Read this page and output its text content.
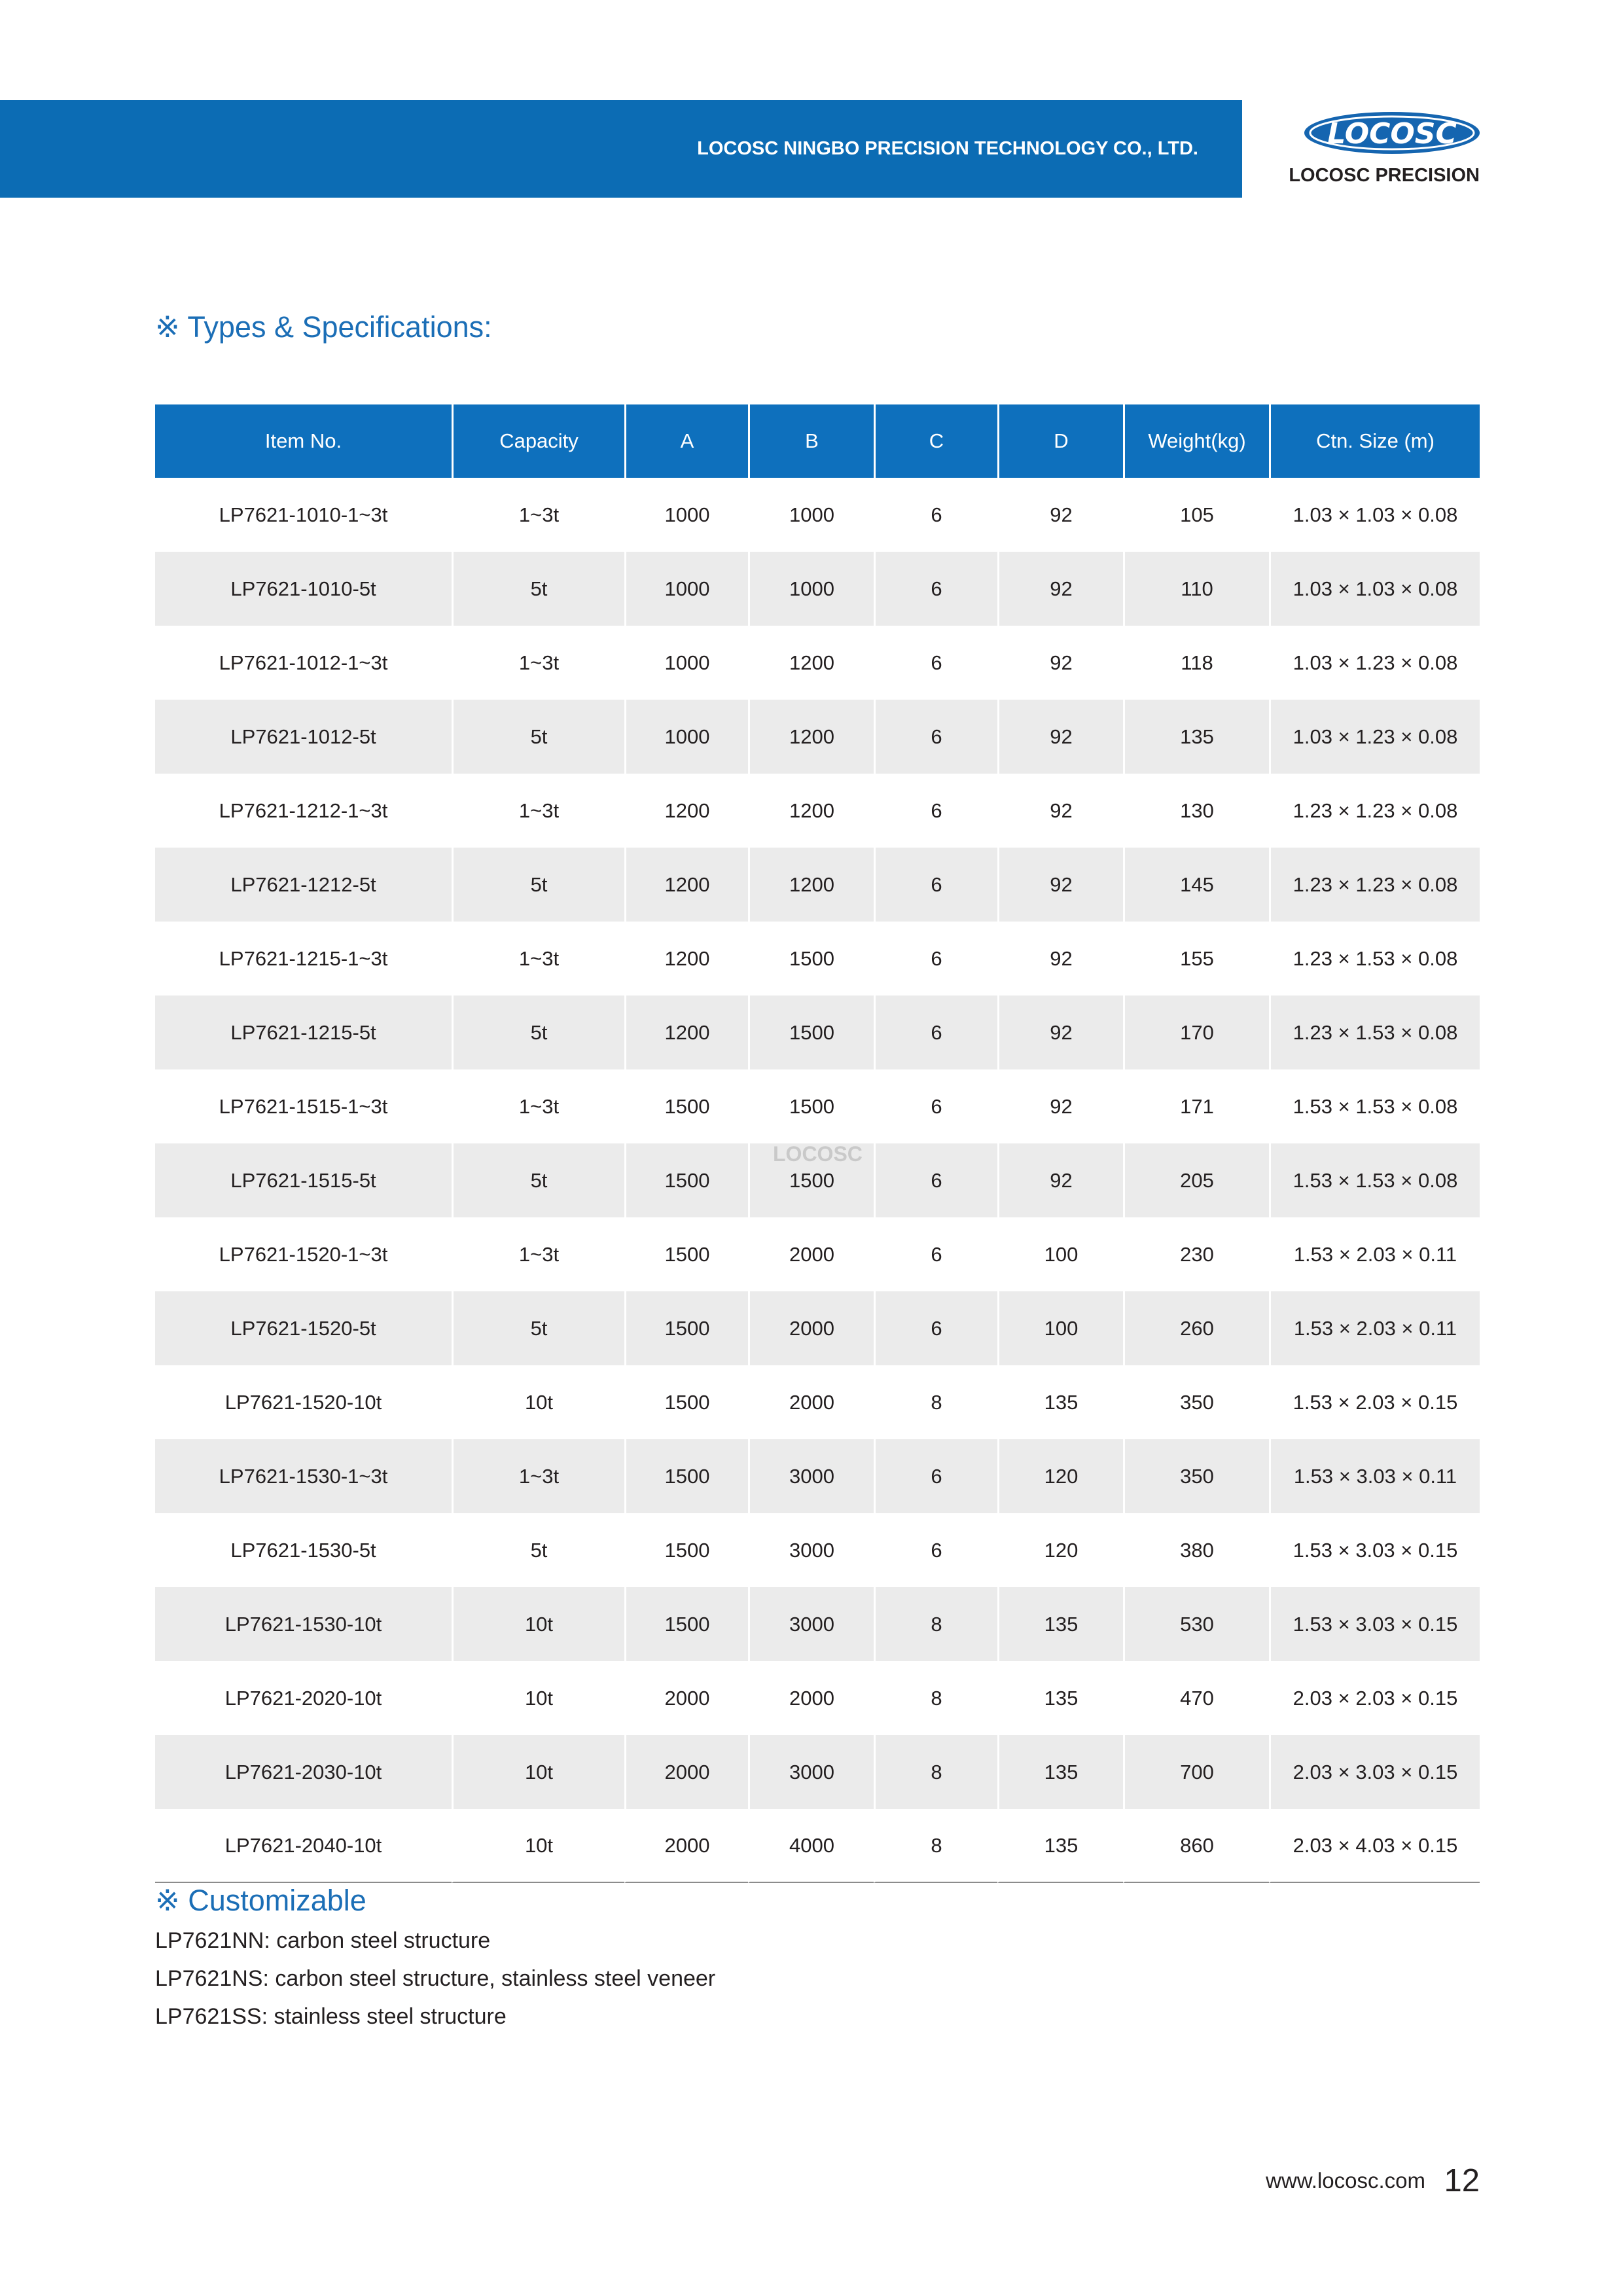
LOCOSC NINGBO PRECISION TECHNOLOGY CO., LTD.	LOCOSC
LOCOSC PRECISION
※ Types & Specifications:
Item No.	Capacity	A	B	C	D	Weight(kg)	Ctn. Size (m)
LP7621-1010-1~3t	1~3t	1000	1000	6	92	105	1.03 × 1.03 × 0.08
LP7621-1010-5t	5t	1000	1000	6	92	110	1.03 × 1.03 × 0.08
LP7621-1012-1~3t	1~3t	1000	1200	6	92	118	1.03 × 1.23 × 0.08
LP7621-1012-5t	5t	1000	1200	6	92	135	1.03 × 1.23 × 0.08
LP7621-1212-1~3t	1~3t	1200	1200	6	92	130	1.23 × 1.23 × 0.08
LP7621-1212-5t	5t	1200	1200	6	92	145	1.23 × 1.23 × 0.08
LP7621-1215-1~3t	1~3t	1200	1500	6	92	155	1.23 × 1.53 × 0.08
LP7621-1215-5t	5t	1200	1500	6	92	170	1.23 × 1.53 × 0.08
LP7621-1515-1~3t	1~3t	1500	1500	6	92	171	1.53 × 1.53 × 0.08
LP7621-1515-5t	5t	1500	1500	6	92	205	1.53 × 1.53 × 0.08
LP7621-1520-1~3t	1~3t	1500	2000	6	100	230	1.53 × 2.03 × 0.11
LP7621-1520-5t	5t	1500	2000	6	100	260	1.53 × 2.03 × 0.11
LP7621-1520-10t	10t	1500	2000	8	135	350	1.53 × 2.03 × 0.15
LP7621-1530-1~3t	1~3t	1500	3000	6	120	350	1.53 × 3.03 × 0.11
LP7621-1530-5t	5t	1500	3000	6	120	380	1.53 × 3.03 × 0.15
LP7621-1530-10t	10t	1500	3000	8	135	530	1.53 × 3.03 × 0.15
LP7621-2020-10t	10t	2000	2000	8	135	470	2.03 × 2.03 × 0.15
LP7621-2030-10t	10t	2000	3000	8	135	700	2.03 × 3.03 × 0.15
LP7621-2040-10t	10t	2000	4000	8	135	860	2.03 × 4.03 × 0.15
LOCOSC
※ Customizable
LP7621NN: carbon steel structure
LP7621NS: carbon steel structure, stainless steel veneer
LP7621SS: stainless steel structure
www.locosc.com 12
